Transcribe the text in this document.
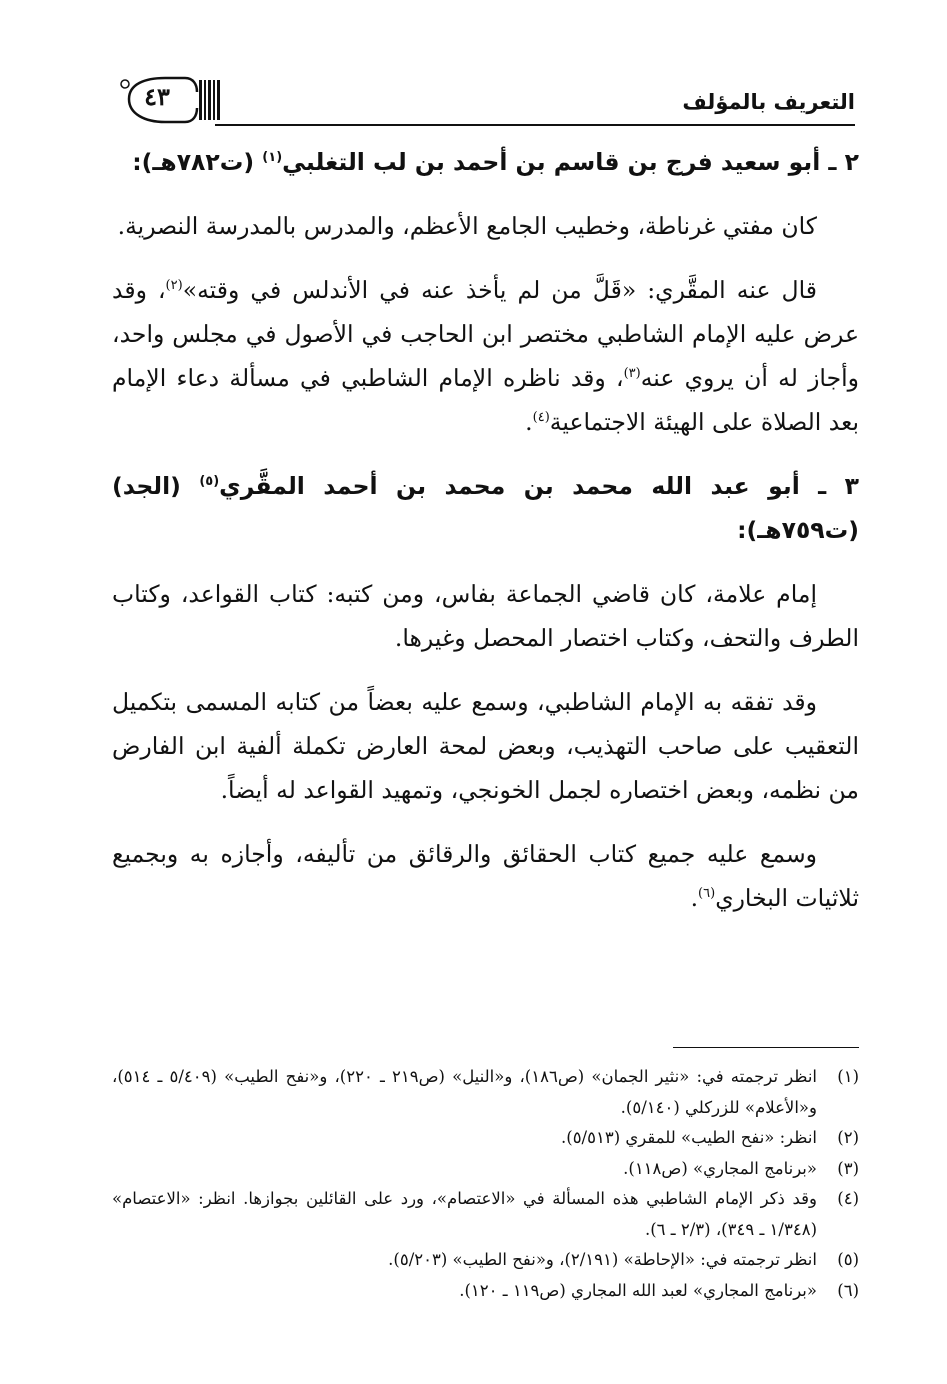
٤٣	التعريف بالمؤلف

٢ ـ أبو سعيد فرج بن قاسم بن أحمد بن لب التغلبي$^{(١)}$ (ت٧٨٢هـ):

كان مفتي غرناطة، وخطيب الجامع الأعظم، والمدرس بالمدرسة النصرية.

قال عنه المقَّري: «قَلَّ من لم يأخذ عنه في الأندلس في وقته»$^{(٢)}$، وقد عرض عليه الإمام الشاطبي مختصر ابن الحاجب في الأصول في مجلس واحد، وأجاز له أن يروي عنه$^{(٣)}$، وقد ناظره الإمام الشاطبي في مسألة دعاء الإمام بعد الصلاة على الهيئة الاجتماعية$^{(٤)}$.

٣ ـ أبو عبد الله محمد بن محمد بن أحمد المقَّري$^{(٥)}$ (الجد) (ت٧٥٩هـ):

إمام علامة، كان قاضي الجماعة بفاس، ومن كتبه: كتاب القواعد، وكتاب الطرف والتحف، وكتاب اختصار المحصل وغيرها.

وقد تفقه به الإمام الشاطبي، وسمع عليه بعضاً من كتابه المسمى بتكميل التعقيب على صاحب التهذيب، وبعض لمحة العارض تكملة ألفية ابن الفارض من نظمه، وبعض اختصاره لجمل الخونجي، وتمهيد القواعد له أيضاً.

وسمع عليه جميع كتاب الحقائق والرقائق من تأليفه، وأجازه به وبجميع ثلاثيات البخاري$^{(٦)}$.

(١)
انظر ترجمته في: «نثير الجمان» (ص١٨٦)، و«النيل» (ص٢١٩ ـ ٢٢٠)، و«نفح الطيب» (٥/٤٠٩ ـ ٥١٤)، و«الأعلام» للزركلي (٥/١٤٠).
(٢)
انظر: «نفح الطيب» للمقري (٥/٥١٣).
(٣)
«برنامج المجاري» (ص١١٨).
(٤)
وقد ذكر الإمام الشاطبي هذه المسألة في «الاعتصام»، ورد على القائلين بجوازها. انظر: «الاعتصام» (١/٣٤٨ ـ ٣٤٩)، (٢/٣ ـ ٦).
(٥)
انظر ترجمته في: «الإحاطة» (٢/١٩١)، و«نفح الطيب» (٥/٢٠٣).
(٦)
«برنامج المجاري» لعبد الله المجاري (ص١١٩ ـ ١٢٠).
